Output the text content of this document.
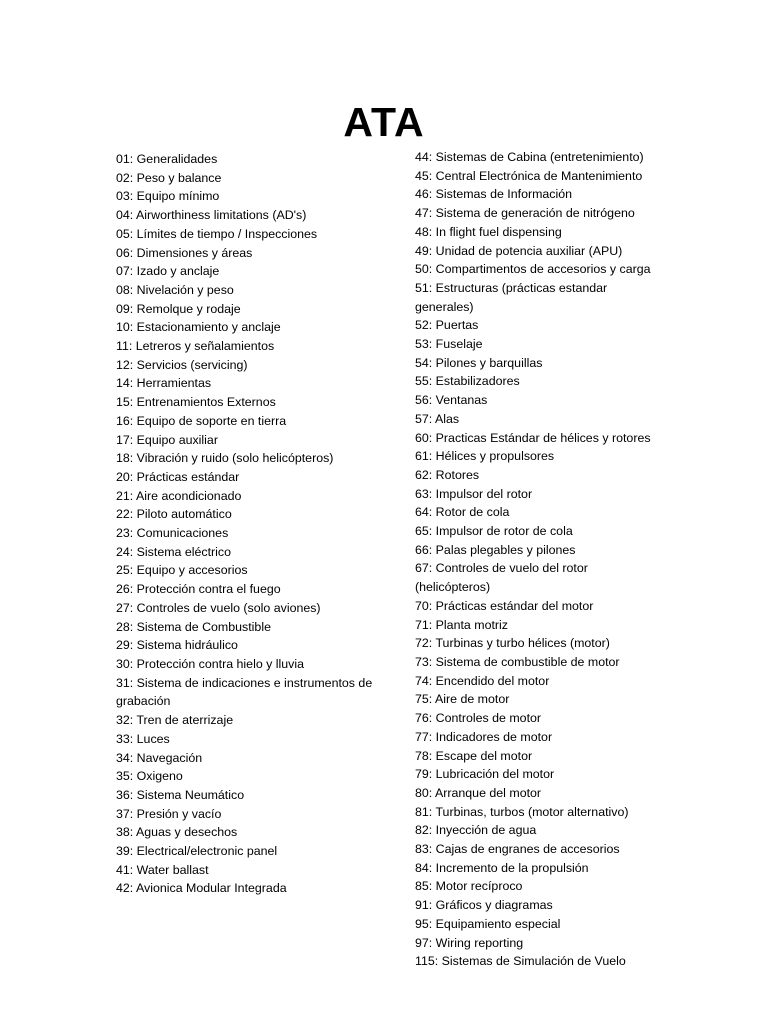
ATA
01: Generalidades
02: Peso y balance
03: Equipo mínimo
04: Airworthiness limitations (AD's)
05: Límites de tiempo / Inspecciones
06: Dimensiones y áreas
07: Izado y anclaje
08: Nivelación y peso
09: Remolque y rodaje
10: Estacionamiento y anclaje
11: Letreros y señalamientos
12: Servicios (servicing)
14: Herramientas
15: Entrenamientos Externos
16: Equipo de soporte en tierra
17: Equipo auxiliar
18: Vibración y ruido (solo helicópteros)
20: Prácticas estándar
21: Aire acondicionado
22: Piloto automático
23: Comunicaciones
24: Sistema eléctrico
25: Equipo y accesorios
26: Protección contra el fuego
27: Controles de vuelo (solo aviones)
28: Sistema de Combustible
29: Sistema hidráulico
30: Protección contra hielo y lluvia
31: Sistema de indicaciones e instrumentos de grabación
32: Tren de aterrizaje
33: Luces
34: Navegación
35: Oxigeno
36: Sistema Neumático
37: Presión y vacío
38: Aguas y desechos
39: Electrical/electronic panel
41: Water ballast
42: Avionica Modular Integrada
44: Sistemas de Cabina (entretenimiento)
45: Central Electrónica de Mantenimiento
46: Sistemas de Información
47: Sistema de generación de nitrógeno
48: In flight fuel dispensing
49: Unidad de potencia auxiliar (APU)
50: Compartimentos de accesorios y carga
51: Estructuras (prácticas estandar generales)
52: Puertas
53: Fuselaje
54: Pilones y barquillas
55: Estabilizadores
56: Ventanas
57: Alas
60: Practicas Estándar de hélices y rotores
61: Hélices y propulsores
62: Rotores
63: Impulsor del rotor
64: Rotor de cola
65: Impulsor de rotor de cola
66: Palas plegables y pilones
67: Controles de vuelo del rotor (helicópteros)
70: Prácticas estándar del motor
71: Planta motriz
72: Turbinas y turbo hélices (motor)
73: Sistema de combustible de motor
74: Encendido del motor
75: Aire de motor
76: Controles de motor
77: Indicadores de motor
78: Escape del motor
79: Lubricación del motor
80: Arranque del motor
81: Turbinas, turbos (motor alternativo)
82: Inyección de agua
83: Cajas de engranes de accesorios
84: Incremento de la propulsión
85: Motor recíproco
91: Gráficos y diagramas
95: Equipamiento especial
97: Wiring reporting
115: Sistemas de Simulación de Vuelo
